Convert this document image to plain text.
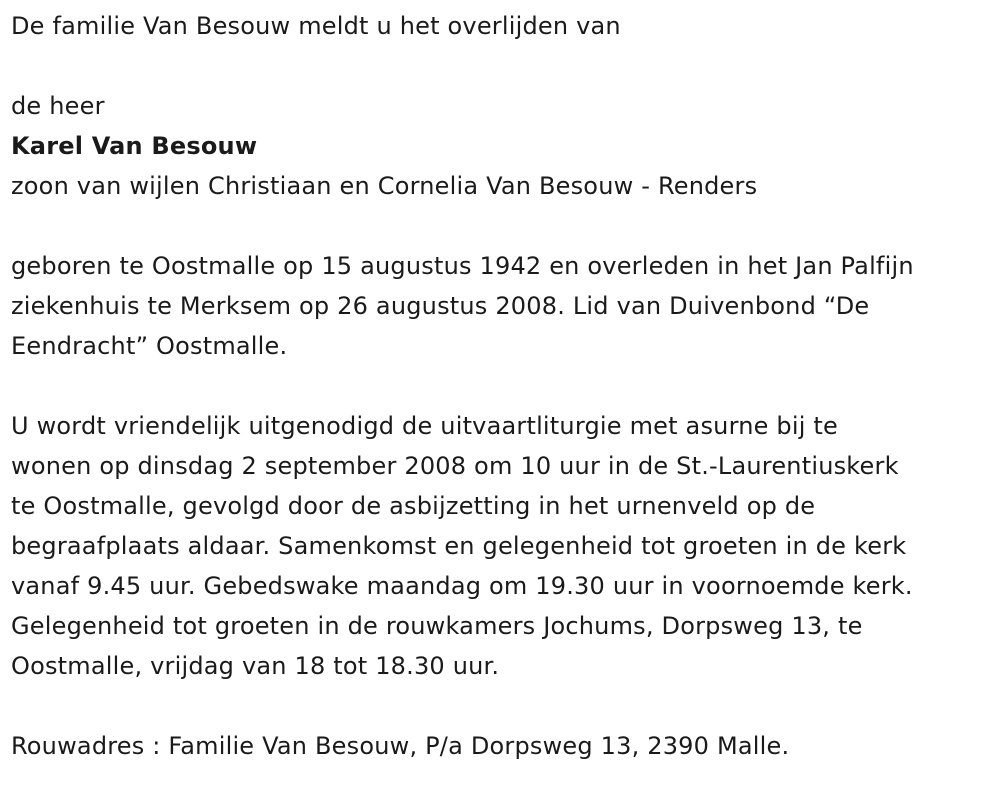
De familie Van Besouw meldt u het overlijden van

de heer

Karel Van Besouw

zoon van wijlen Christiaan en Cornelia Van Besouw - Renders

geboren te Oostmalle op 15 augustus 1942 en overleden in het Jan Palfijn
ziekenhuis te Merksem op 26 augustus 2008. Lid van Duivenbond “De
Eendracht” Oostmalle.
U wordt vriendelijk uitgenodigd de uitvaartliturgie met asurne bij te
wonen op dinsdag 2 september 2008 om 10 uur in de St.-Laurentiuskerk
te Oostmalle, gevolgd door de asbijzetting in het urnenveld op de
begraafplaats aldaar. Samenkomst en gelegenheid tot groeten in de kerk
vanaf 9.45 uur. Gebedswake maandag om 19.30 uur in voornoemde kerk.
Gelegenheid tot groeten in de rouwkamers Jochums, Dorpsweg 13, te
Oostmalle, vrijdag van 18 tot 18.30 uur.

Rouwadres : Familie Van Besouw, P/a Dorpsweg 13, 2390 Malle.
